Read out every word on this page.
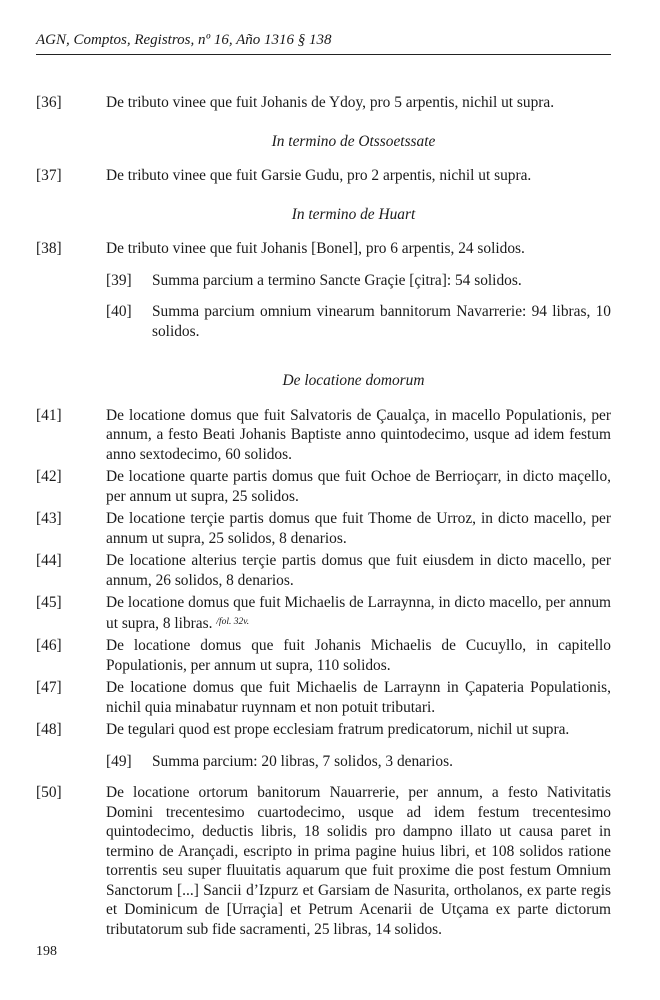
AGN, Comptos, Registros, nº 16, Año 1316 § 138
[36]	De tributo vinee que fuit Johanis de Ydoy, pro 5 arpentis, nichil ut supra.
In termino de Otssoetssate
[37]	De tributo vinee que fuit Garsie Gudu, pro 2 arpentis, nichil ut supra.
In termino de Huart
[38]	De tributo vinee que fuit Johanis [Bonel], pro 6 arpentis, 24 solidos.
[39] Summa parcium a termino Sancte Graçie [çitra]: 54 solidos.
[40] Summa parcium omnium vinearum bannitorum Navarrerie: 94 libras, 10 solidos.
De locatione domorum
[41]	De locatione domus que fuit Salvatoris de Çaualça, in macello Populationis, per annum, a festo Beati Johanis Baptiste anno quintodecimo, usque ad idem festum anno sextodecimo, 60 solidos.
[42]	De locatione quarte partis domus que fuit Ochoe de Berrioçarr, in dicto maçello, per annum ut supra, 25 solidos.
[43]	De locatione terçie partis domus que fuit Thome de Urroz, in dicto macello, per annum ut supra, 25 solidos, 8 denarios.
[44]	De locatione alterius terçie partis domus que fuit eiusdem in dicto macello, per annum, 26 solidos, 8 denarios.
[45]	De locatione domus que fuit Michaelis de Larraynna, in dicto macello, per annum ut supra, 8 libras. $^{/fol. 32v.}$
[46]	De locatione domus que fuit Johanis Michaelis de Cucuyllo, in capitello Populationis, per annum ut supra, 110 solidos.
[47]	De locatione domus que fuit Michaelis de Larraynn in Çapateria Populationis, nichil quia minabatur ruynnam et non potuit tributari.
[48]	De tegulari quod est prope ecclesiam fratrum predicatorum, nichil ut supra.
[49] Summa parcium: 20 libras, 7 solidos, 3 denarios.
[50]	De locatione ortorum banitorum Nauarrerie, per annum, a festo Nativitatis Domini trecentesimo cuartodecimo, usque ad idem festum trecentesimo quintodecimo, deductis libris, 18 solidis pro dampno illato ut causa paret in termino de Arançadi, escripto in prima pagine huius libri, et 108 solidos ratione torrentis seu super fluuitatis aquarum que fuit proxime die post festum Omnium Sanctorum [...] Sancii d’Izpurz et Garsiam de Nasurita, ortholanos, ex parte regis et Dominicum de [Urraçia] et Petrum Acenarii de Utçama ex parte dictorum tributatorum sub fide sacramenti, 25 libras, 14 solidos.
198
